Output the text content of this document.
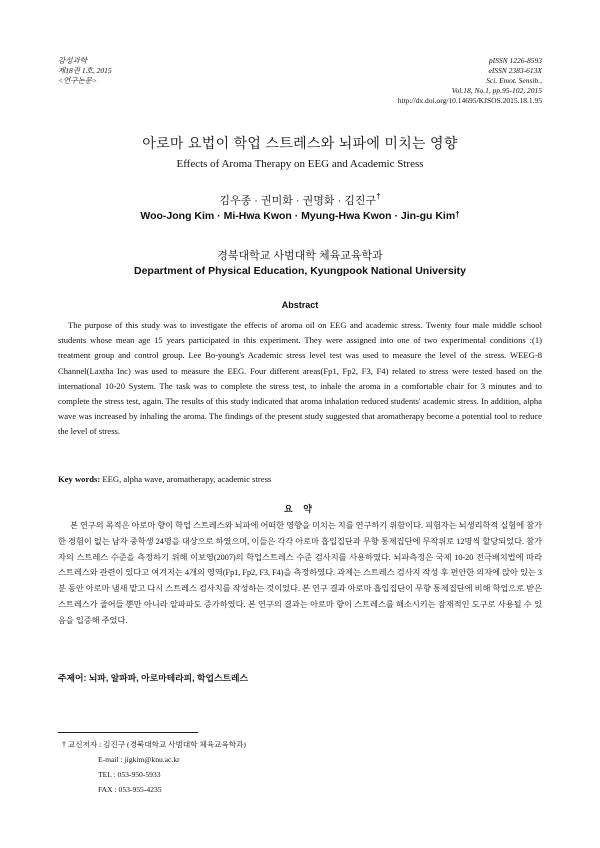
감성과학
제18권 1호, 2015
<연구논문>
pISSN 1226-8593
eISSN 2383-613X
Sci. Emot. Sensib.,
Vol.18, No.1, pp.95-102, 2015
http://dx.doi.org/10.14695/KJSOS.2015.18.1.95
아로마 요법이 학업 스트레스와 뇌파에 미치는 영향
Effects of Aroma Therapy on EEG and Academic Stress
김우종 · 권미화 · 권명화 · 김진구†
Woo-Jong Kim · Mi-Hwa Kwon · Myung-Hwa Kwon · Jin-gu Kim†
경북대학교 사범대학 체육교육학과
Department of Physical Education, Kyungpook National University
Abstract

The purpose of this study was to investigate the effects of aroma oil on EEG and academic stress. Twenty four male middle school students whose mean age 15 years participated in this experiment. They were assigned into one of two experimental conditions :(1) treatment group and control group. Lee Bo-young's Academic stress level test was used to measure the level of the stress. WEEG-8 Channel(Laxtha Inc) was used to measure the EEG. Four different areas(Fp1, Fp2, F3, F4) related to stress were tested based on the international 10-20 System. The task was to complete the stress test, to inhale the aroma in a comfortable chair for 3 minutes and to complete the stress test, again. The results of this study indicated that aroma inhalation reduced students' academic stress. In addition, alpha wave was increased by inhaling the aroma. The findings of the present study suggested that aromatherapy become a potential tool to reduce the level of stress.

Key words: EEG, alpha wave, aromatherapy, academic stress
요 약

본 연구의 목적은 아로마 향이 학업 스트레스와 뇌파에 어떠한 영향을 미치는 지를 연구하기 위함이다. 피험자는 뇌생리학적 실험에 참가한 경험이 없는 남자 중학생 24명을 대상으로 하였으며, 이들은 각각 아로마 흡입집단과 무향 통제집단에 무작위로 12명씩 할당되었다. 참가자의 스트레스 수준을 측정하기 위해 이보영(2007)의 학업스트레스 수준 검사지를 사용하였다. 뇌파측정은 국제 10-20 전극배치법에 따라 스트레스와 관련이 있다고 여겨지는 4개의 영역(Fp1, Fp2, F3, F4)을 측정하였다. 과제는 스트레스 검사지 작성 후 편안한 의자에 앉아 있는 3분 동안 아로마 냄새 맡고 다시 스트레스 검사지를 작성하는 것이었다. 본 연구 결과 아로마 흡입집단이 무향 통제집단에 비해 학업으로 받은 스트레스가 줄어들 뿐만 아니라 알파파도 증가하였다. 본 연구의 결과는 아로마 향이 스트레스를 해소시키는 잠재적인 도구로 사용될 수 있음을 입증해 주었다.

주제어: 뇌파, 알파파, 아로마테라피, 학업스트레스
† 교신저자 : 김진구 (경북대학교 사범대학 체육교육학과)
E-mail : jigkim@knu.ac.kr
TEL : 053-950-5933
FAX : 053-955-4235
